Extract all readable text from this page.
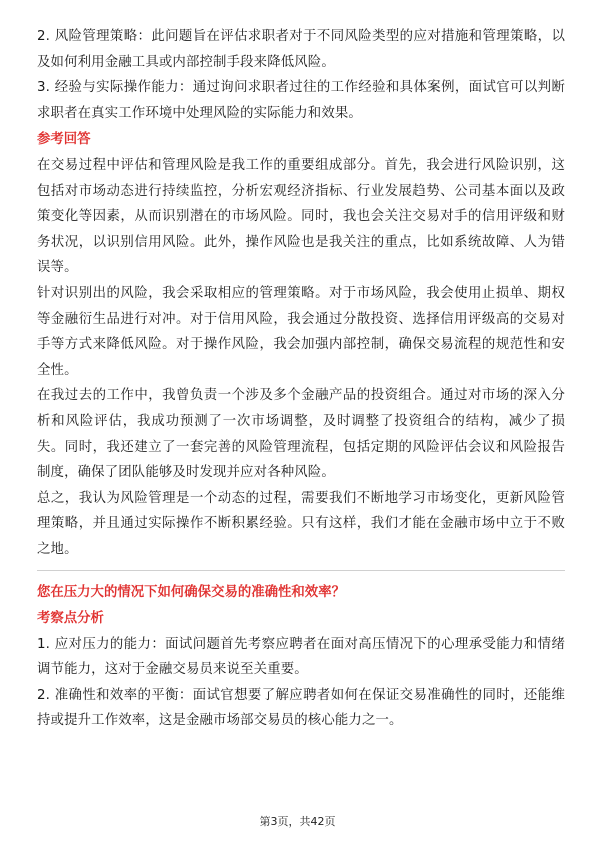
2. 风险管理策略：此问题旨在评估求职者对于不同风险类型的应对措施和管理策略，以及如何利用金融工具或内部控制手段来降低风险。

3. 经验与实际操作能力：通过询问求职者过往的工作经验和具体案例，面试官可以判断求职者在真实工作环境中处理风险的实际能力和效果。

参考回答

在交易过程中评估和管理风险是我工作的重要组成部分。首先，我会进行风险识别，这包括对市场动态进行持续监控，分析宏观经济指标、行业发展趋势、公司基本面以及政策变化等因素，从而识别潜在的市场风险。同时，我也会关注交易对手的信用评级和财务状况，以识别信用风险。此外，操作风险也是我关注的重点，比如系统故障、人为错误等。

针对识别出的风险，我会采取相应的管理策略。对于市场风险，我会使用止损单、期权等金融衍生品进行对冲。对于信用风险，我会通过分散投资、选择信用评级高的交易对手等方式来降低风险。对于操作风险，我会加强内部控制，确保交易流程的规范性和安全性。

在我过去的工作中，我曾负责一个涉及多个金融产品的投资组合。通过对市场的深入分析和风险评估，我成功预测了一次市场调整，及时调整了投资组合的结构，减少了损失。同时，我还建立了一套完善的风险管理流程，包括定期的风险评估会议和风险报告制度，确保了团队能够及时发现并应对各种风险。

总之，我认为风险管理是一个动态的过程，需要我们不断地学习市场变化，更新风险管理策略，并且通过实际操作不断积累经验。只有这样，我们才能在金融市场中立于不败之地。

您在压力大的情况下如何确保交易的准确性和效率？

考察点分析

1. 应对压力的能力：面试问题首先考察应聘者在面对高压情况下的心理承受能力和情绪调节能力，这对于金融交易员来说至关重要。

2. 准确性和效率的平衡：面试官想要了解应聘者如何在保证交易准确性的同时，还能维持或提升工作效率，这是金融市场部交易员的核心能力之一。

第3页，共42页
